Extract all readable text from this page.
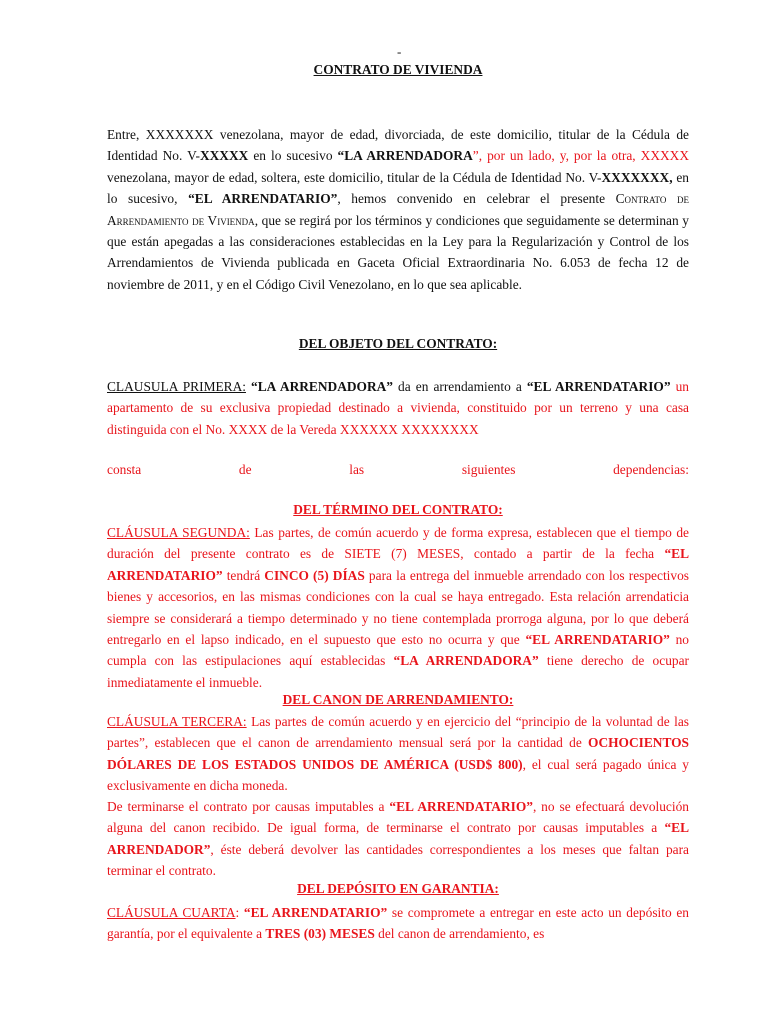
-
CONTRATO DE VIVIENDA
Entre, XXXXXXX venezolana, mayor de edad, divorciada, de este domicilio, titular de la Cédula de Identidad No. V-XXXXX en lo sucesivo “LA ARRENDADORA”, por un lado, y, por la otra, XXXXX venezolana, mayor de edad, soltera, este domicilio, titular de la Cédula de Identidad No. V-XXXXXXX, en lo sucesivo, “EL ARRENDATARIO”, hemos convenido en celebrar el presente Contrato de Arrendamiento de Vivienda, que se regirá por los términos y condiciones que seguidamente se determinan y que están apegadas a las consideraciones establecidas en la Ley para la Regularización y Control de los Arrendamientos de Vivienda publicada en Gaceta Oficial Extraordinaria No. 6.053 de fecha 12 de noviembre de 2011, y en el Código Civil Venezolano, en lo que sea aplicable.
DEL OBJETO DEL CONTRATO:
CLAUSULA PRIMERA: “LA ARRENDADORA” da en arrendamiento a “EL ARRENDATARIO” un apartamento de su exclusiva propiedad destinado a vivienda, constituido por un terreno y una casa distinguida con el No. XXXX de la Vereda XXXXXX XXXXXXXX
consta	de	las	siguientes	dependencias:
DEL TÉRMINO DEL CONTRATO:
CLÁUSULA SEGUNDA: Las partes, de común acuerdo y de forma expresa, establecen que el tiempo de duración del presente contrato es de SIETE (7) MESES, contado a partir de la fecha “EL ARRENDATARIO” tendrá CINCO (5) DÍAS para la entrega del inmueble arrendado con los respectivos bienes y accesorios, en las mismas condiciones con la cual se haya entregado. Esta relación arrendaticia siempre se considerará a tiempo determinado y no tiene contemplada prorroga alguna, por lo que deberá entregarlo en el lapso indicado, en el supuesto que esto no ocurra y que “EL ARRENDATARIO” no cumpla con las estipulaciones aquí establecidas “LA ARRENDADORA” tiene derecho de ocupar inmediatamente el inmueble.
DEL CANON DE ARRENDAMIENTO:
CLÁUSULA TERCERA: Las partes de común acuerdo y en ejercicio del “principio de la voluntad de las partes”, establecen que el canon de arrendamiento mensual será por la cantidad de OCHOCIENTOS DÓLARES DE LOS ESTADOS UNIDOS DE AMÉRICA (USD$ 800), el cual será pagado única y exclusivamente en dicha moneda.
De terminarse el contrato por causas imputables a “EL ARRENDATARIO”, no se efectuará devolución alguna del canon recibido. De igual forma, de terminarse el contrato por causas imputables a “EL ARRENDADOR”, éste deberá devolver las cantidades correspondientes a los meses que faltan para terminar el contrato.
DEL DEPÓSITO EN GARANTIA:
CLÁUSULA CUARTA: “EL ARRENDATARIO” se compromete a entregar en este acto un depósito en garantía, por el equivalente a TRES (03) MESES del canon de arrendamiento, es
